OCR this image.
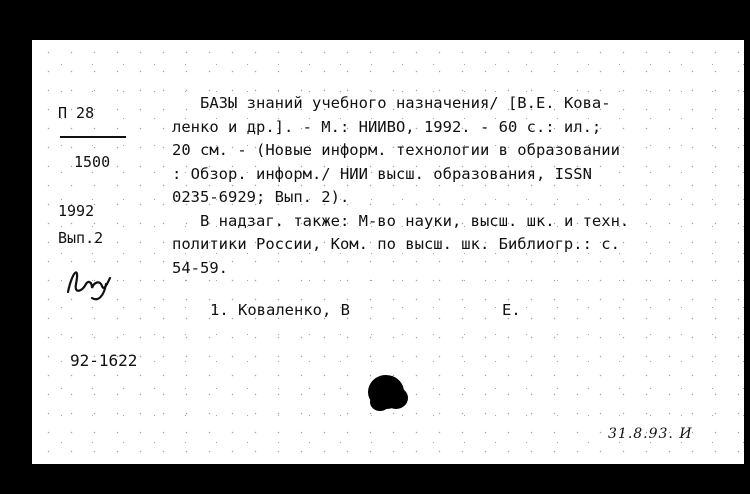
П 28
1500
1992
Вып.2
БАЗЫ знаний учебного назначения/ [В.Е. Кова-
ленко и др.]. - М.: НИИВО, 1992. - 60 с.: ил.;
20 см. - (Новые информ. технологии в образовании
: Обзор. информ./ НИИ высш. образования, ISSN
0235-6929; Вып. 2).
В надзаг. также: М-во науки, высш. шк. и техн.
политики России, Ком. по высш. шк. Библиогр.: с.
54-59.
1. Коваленко, В	Е.
92-1622
31.8.93. И
